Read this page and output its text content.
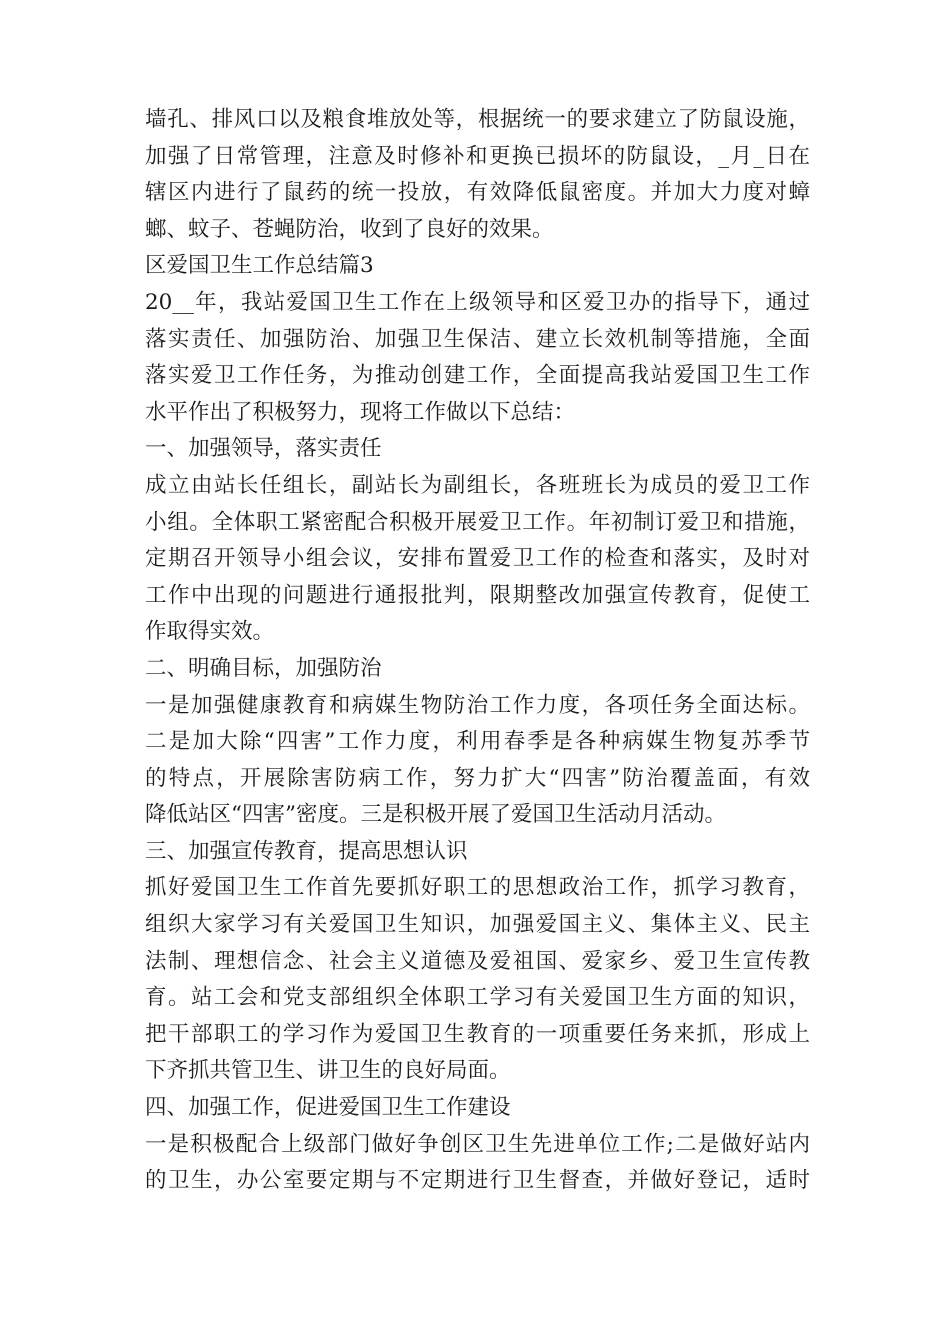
墙孔、排风口以及粮食堆放处等，根据统一的要求建立了防鼠设施，
加强了日常管理，注意及时修补和更换已损坏的防鼠设，_月_日在
辖区内进行了鼠药的统一投放，有效降低鼠密度。并加大力度对蟑
螂、蚊子、苍蝇防治，收到了良好的效果。
区爱国卫生工作总结篇3
20__年，我站爱国卫生工作在上级领导和区爱卫办的指导下，通过
落实责任、加强防治、加强卫生保洁、建立长效机制等措施，全面
落实爱卫工作任务，为推动创建工作，全面提高我站爱国卫生工作
水平作出了积极努力，现将工作做以下总结：
一、加强领导，落实责任
成立由站长任组长，副站长为副组长，各班班长为成员的爱卫工作
小组。全体职工紧密配合积极开展爱卫工作。年初制订爱卫和措施，
定期召开领导小组会议，安排布置爱卫工作的检查和落实，及时对
工作中出现的问题进行通报批判，限期整改加强宣传教育，促使工
作取得实效。
二、明确目标，加强防治
一是加强健康教育和病媒生物防治工作力度，各项任务全面达标。
二是加大除“四害”工作力度，利用春季是各种病媒生物复苏季节
的特点，开展除害防病工作，努力扩大“四害”防治覆盖面，有效
降低站区“四害”密度。三是积极开展了爱国卫生活动月活动。
三、加强宣传教育，提高思想认识
抓好爱国卫生工作首先要抓好职工的思想政治工作，抓学习教育，
组织大家学习有关爱国卫生知识，加强爱国主义、集体主义、民主
法制、理想信念、社会主义道德及爱祖国、爱家乡、爱卫生宣传教
育。站工会和党支部组织全体职工学习有关爱国卫生方面的知识，
把干部职工的学习作为爱国卫生教育的一项重要任务来抓，形成上
下齐抓共管卫生、讲卫生的良好局面。
四、加强工作，促进爱国卫生工作建设
一是积极配合上级部门做好争创区卫生先进单位工作;二是做好站内
的卫生，办公室要定期与不定期进行卫生督查，并做好登记，适时
